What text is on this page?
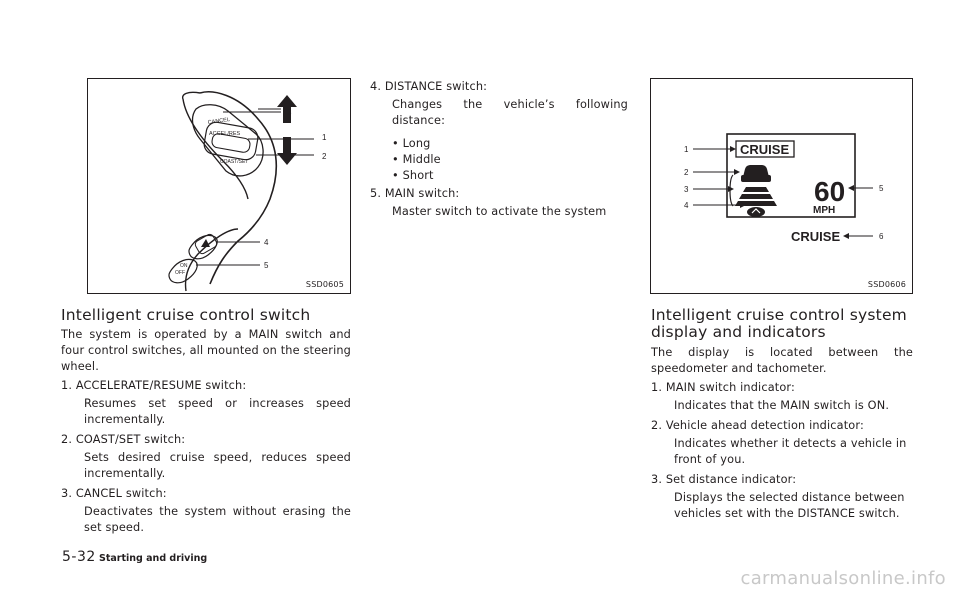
CANCEL
ACCEL/RES
COAST/SET
ON
OFF
3
1
2
4
5
SSD0605
Intelligent cruise control switch

The system is operated by a MAIN switch and four control switches, all mounted on the steering wheel.

1. ACCELERATE/RESUME switch:

Resumes set speed or increases speed incrementally.

2. COAST/SET switch:

Sets desired cruise speed, reduces speed incrementally.

3. CANCEL switch:

Deactivates the system without erasing the set speed.

4. DISTANCE switch:

Changes the vehicle’s following distance:

• Long
• Middle
• Short

5. MAIN switch:

Master switch to activate the system

CRUISE
60
MPH
CRUISE
1
2
3
4
5
6
SSD0606
Intelligent cruise control system
display and indicators

The display is located between the speedometer and tachometer.

1. MAIN switch indicator:

Indicates that the MAIN switch is ON.

2. Vehicle ahead detection indicator:

Indicates whether it detects a vehicle in front of you.

3. Set distance indicator:

Displays the selected distance between vehicles set with the DISTANCE switch.

5-32 Starting and driving
carmanualsonline.info
